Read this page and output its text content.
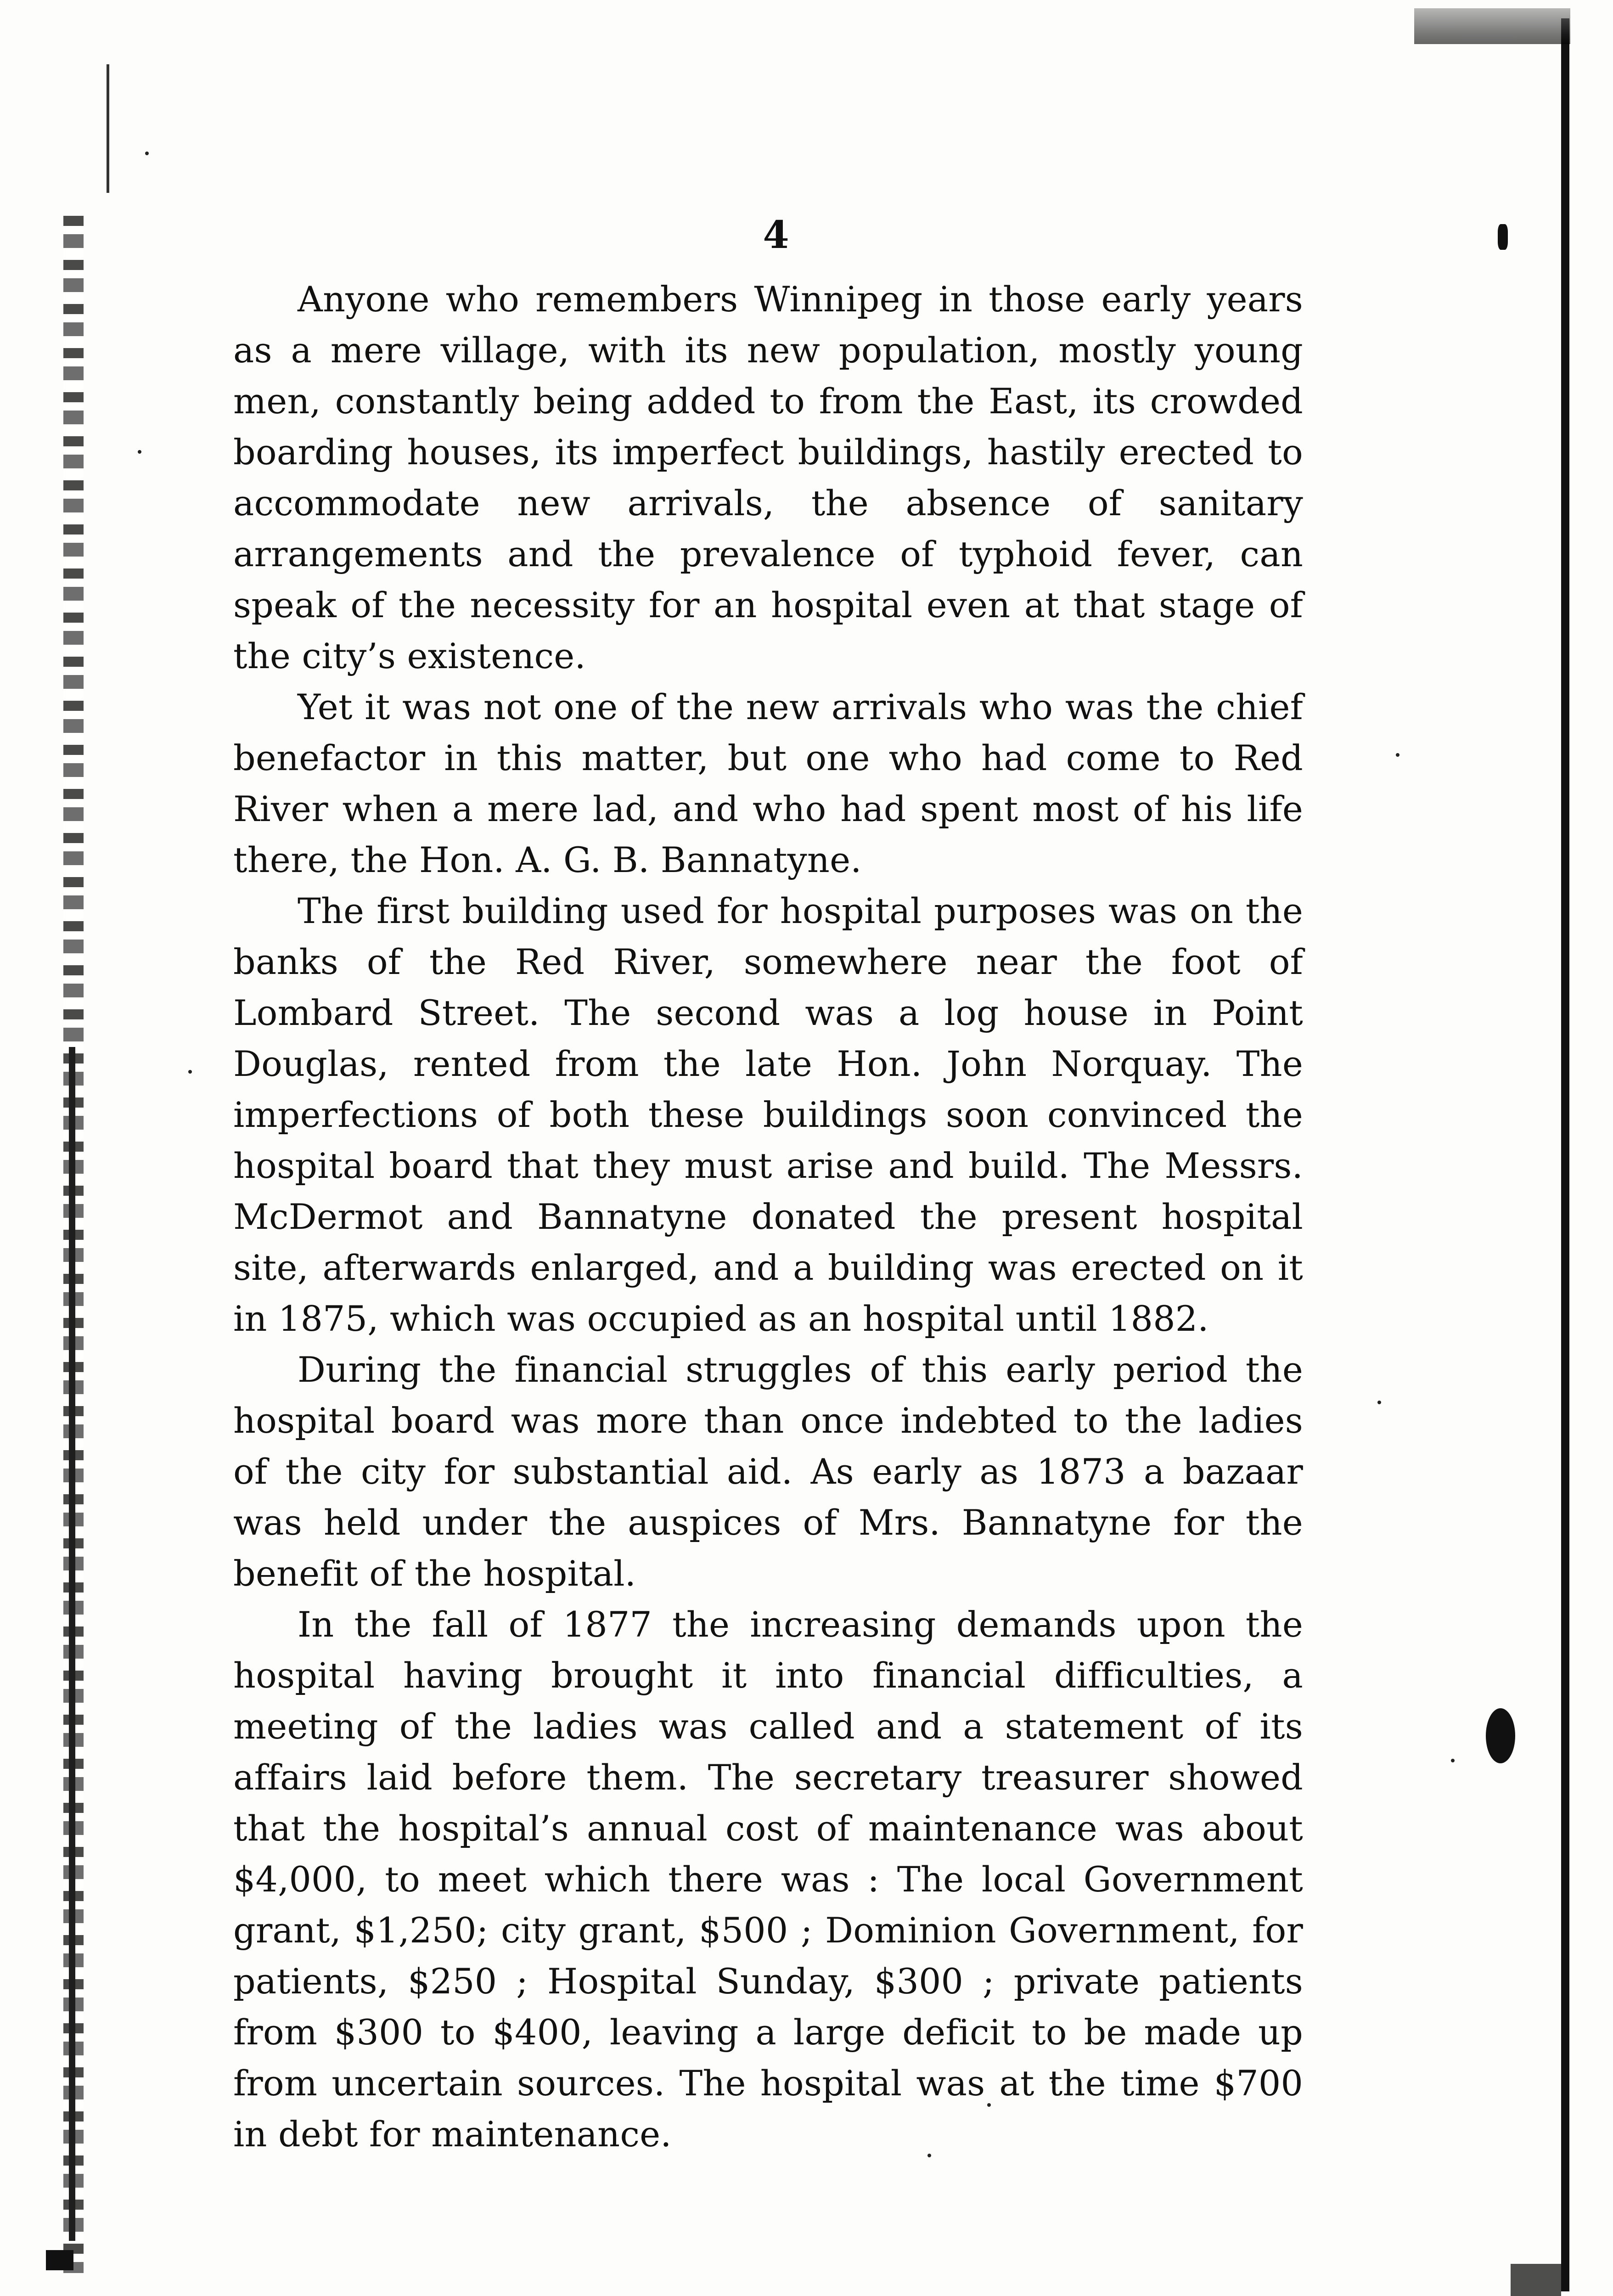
4

Anyone who remembers Winnipeg in those early years as a mere village, with its new population, mostly young men, constantly being added to from the East, its crowded boarding houses, its imperfect buildings, hastily erected to accommodate new arrivals, the absence of sanitary arrangements and the prevalence of typhoid fever, can speak of the necessity for an hospital even at that stage of the city’s existence.

Yet it was not one of the new arrivals who was the chief benefactor in this matter, but one who had come to Red River when a mere lad, and who had spent most of his life there, the Hon. A. G. B. Bannatyne.

The first building used for hospital purposes was on the banks of the Red River, somewhere near the foot of Lombard Street. The second was a log house in Point Douglas, rented from the late Hon. John Norquay. The imperfections of both these buildings soon convinced the hospital board that they must arise and build. The Messrs. McDermot and Bannatyne donated the present hospital site, afterwards enlarged, and a building was erected on it in 1875, which was occupied as an hospital until 1882.

During the financial struggles of this early period the hospital board was more than once indebted to the ladies of the city for substantial aid. As early as 1873 a bazaar was held under the auspices of Mrs. Bannatyne for the benefit of the hospital.

In the fall of 1877 the increasing demands upon the hospital having brought it into financial difficulties, a meeting of the ladies was called and a statement of its affairs laid before them. The secretary treasurer showed that the hospital’s annual cost of maintenance was about $4,000, to meet which there was : The local Government grant, $1,250; city grant, $500 ; Dominion Government, for patients, $250 ; Hospital Sunday, $300 ; private patients from $300 to $400, leaving a large deficit to be made up from uncertain sources. The hospital was at the time $700 in debt for maintenance.
